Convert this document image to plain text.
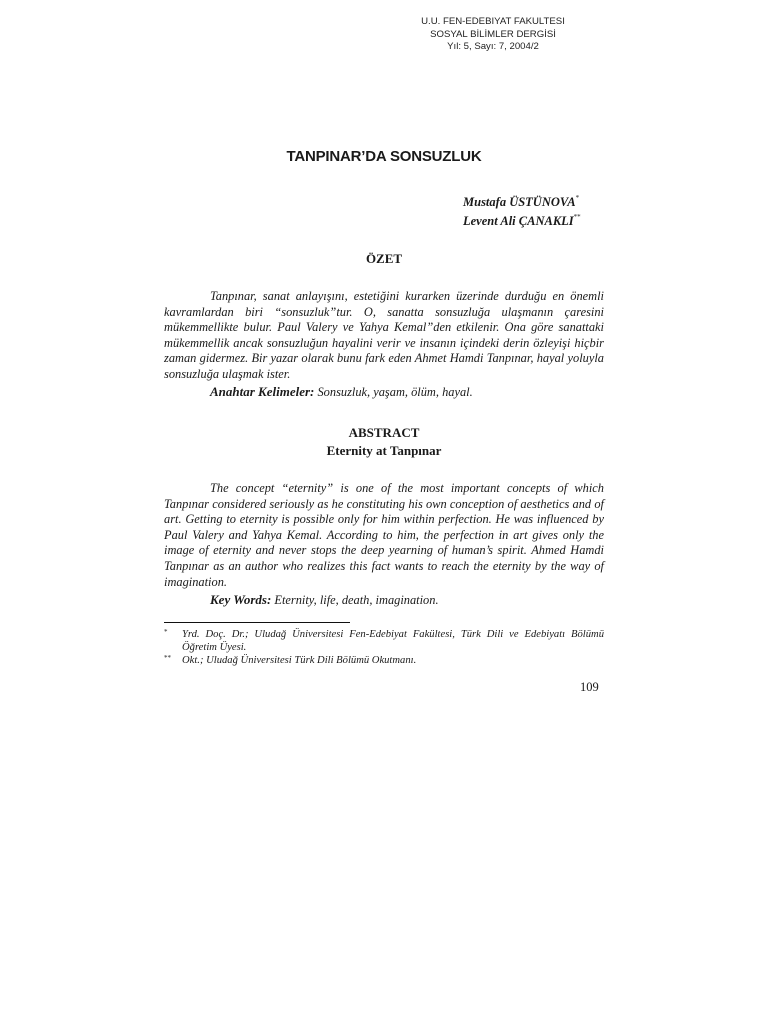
U.U. FEN-EDEBIYAT FAKULTESI
SOSYAL BİLİMLER DERGİSİ
Yıl: 5, Sayı: 7, 2004/2
TANPINAR’DA SONSUZLUK
Mustafa ÜSTÜNOVA*
Levent Ali ÇANAKLI**
ÖZET
Tanpınar, sanat anlayışını, estetiğini kurarken üzerinde durduğu en önemli kavramlardan biri “sonsuzluk”tur. O, sanatta sonsuzluğa ulaşmanın çaresini mükemmellikte bulur. Paul Valery ve Yahya Kemal”den etkilenir. Ona göre sanattaki mükemmellik ancak sonsuzluğun hayalini verir ve insanın içindeki derin özleyişi hiçbir zaman gidermez. Bir yazar olarak bunu fark eden Ahmet Hamdi Tanpınar, hayal yoluyla sonsuzluğa ulaşmak ister.
Anahtar Kelimeler: Sonsuzluk, yaşam, ölüm, hayal.
ABSTRACT
Eternity at Tanpınar
The concept “eternity” is one of the most important concepts of which Tanpınar considered seriously as he constituting his own conception of aesthetics and of art. Getting to eternity is possible only for him within perfection. He was influenced by Paul Valery and Yahya Kemal. According to him, the perfection in art gives only the image of eternity and never stops the deep yearning of human’s spirit. Ahmed Hamdi Tanpınar as an author who realizes this fact wants to reach the eternity by the way of imagination.
Key Words: Eternity, life, death, imagination.
*	Yrd. Doç. Dr.; Uludağ Üniversitesi Fen-Edebiyat Fakültesi, Türk Dili ve Edebiyatı Bölümü Öğretim Üyesi.
**	Okt.; Uludağ Üniversitesi Türk Dili Bölümü Okutmanı.
109
